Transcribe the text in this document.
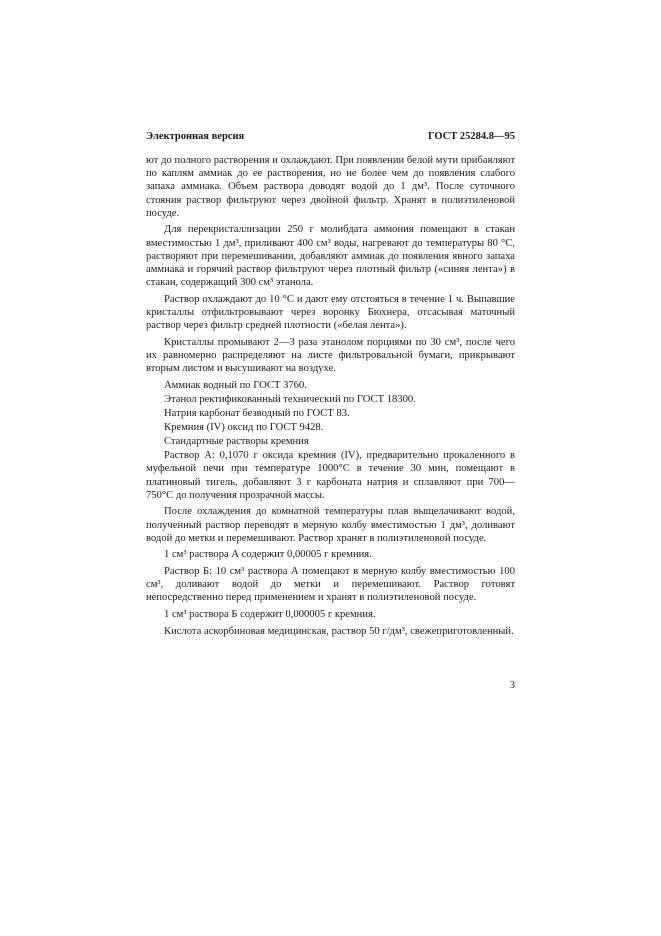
Электронная версия	ГОСТ 25284.8—95

ют до полного растворения и охлаждают. При появлении белой мути прибавляют по каплям аммиак до ее растворения, но не более чем до появления слабого запаха аммиака. Объем раствора доводят водой до 1 дм³. После суточного стояния раствор фильтруют через двойной фильтр. Хранят в полиэтиленовой посуде.

Для перекристаллизации 250 г молибдата аммония помещают в стакан вместимостью 1 дм³, приливают 400 см³ воды, нагревают до температуры 80 °С, растворяют при перемешивании, добавляют аммиак до появления явного запаха аммиака и горячий раствор фильтруют через плотный фильтр («синяя лента») в стакан, содержащий 300 см³ этанола.

Раствор охлаждают до 10 °С и дают ему отстояться в течение 1 ч. Выпавшие кристаллы отфильтровывают через воронку Бюхнера, отсасывая маточный раствор через фильтр средней плотности («белая лента»).

Кристаллы промывают 2—3 раза этанолом порциями по 30 см³, после чего их равномерно распределяют на листе фильтровальной бумаги, прикрывают вторым листом и высушивают на воздухе.

Аммиак водный по ГОСТ 3760.

Этанол ректификованный технический по ГОСТ 18300.

Натрия карбонат безводный по ГОСТ 83.

Кремния (IV) оксид по ГОСТ 9428.

Стандартные растворы кремния

Раствор А: 0,1070 г оксида кремния (IV), предварительно прокаленного в муфельной печи при температуре 1000°С в течение 30 мин, помещают в платиновый тигель, добавляют 3 г карбоната натрия и сплавляют при 700—750°С до получения прозрачной массы.

После охлаждения до комнатной температуры плав выщелачивают водой, полученный раствор переводят в мерную колбу вместимостью 1 дм³, доливают водой до метки и перемешивают. Раствор хранят в полиэтиленовой посуде.

1 см³ раствора А содержит 0,00005 г кремния.

Раствор Б: 10 см³ раствора А помещают в мерную колбу вместимостью 100 см³, доливают водой до метки и перемешивают. Раствор готовят непосредственно перед применением и хранят в полиэтиленовой посуде.

1 см³ раствора Б содержит 0,000005 г кремния.

Кислота аскорбиновая медицинская, раствор 50 г/дм³, свежеприготовленный.

3
